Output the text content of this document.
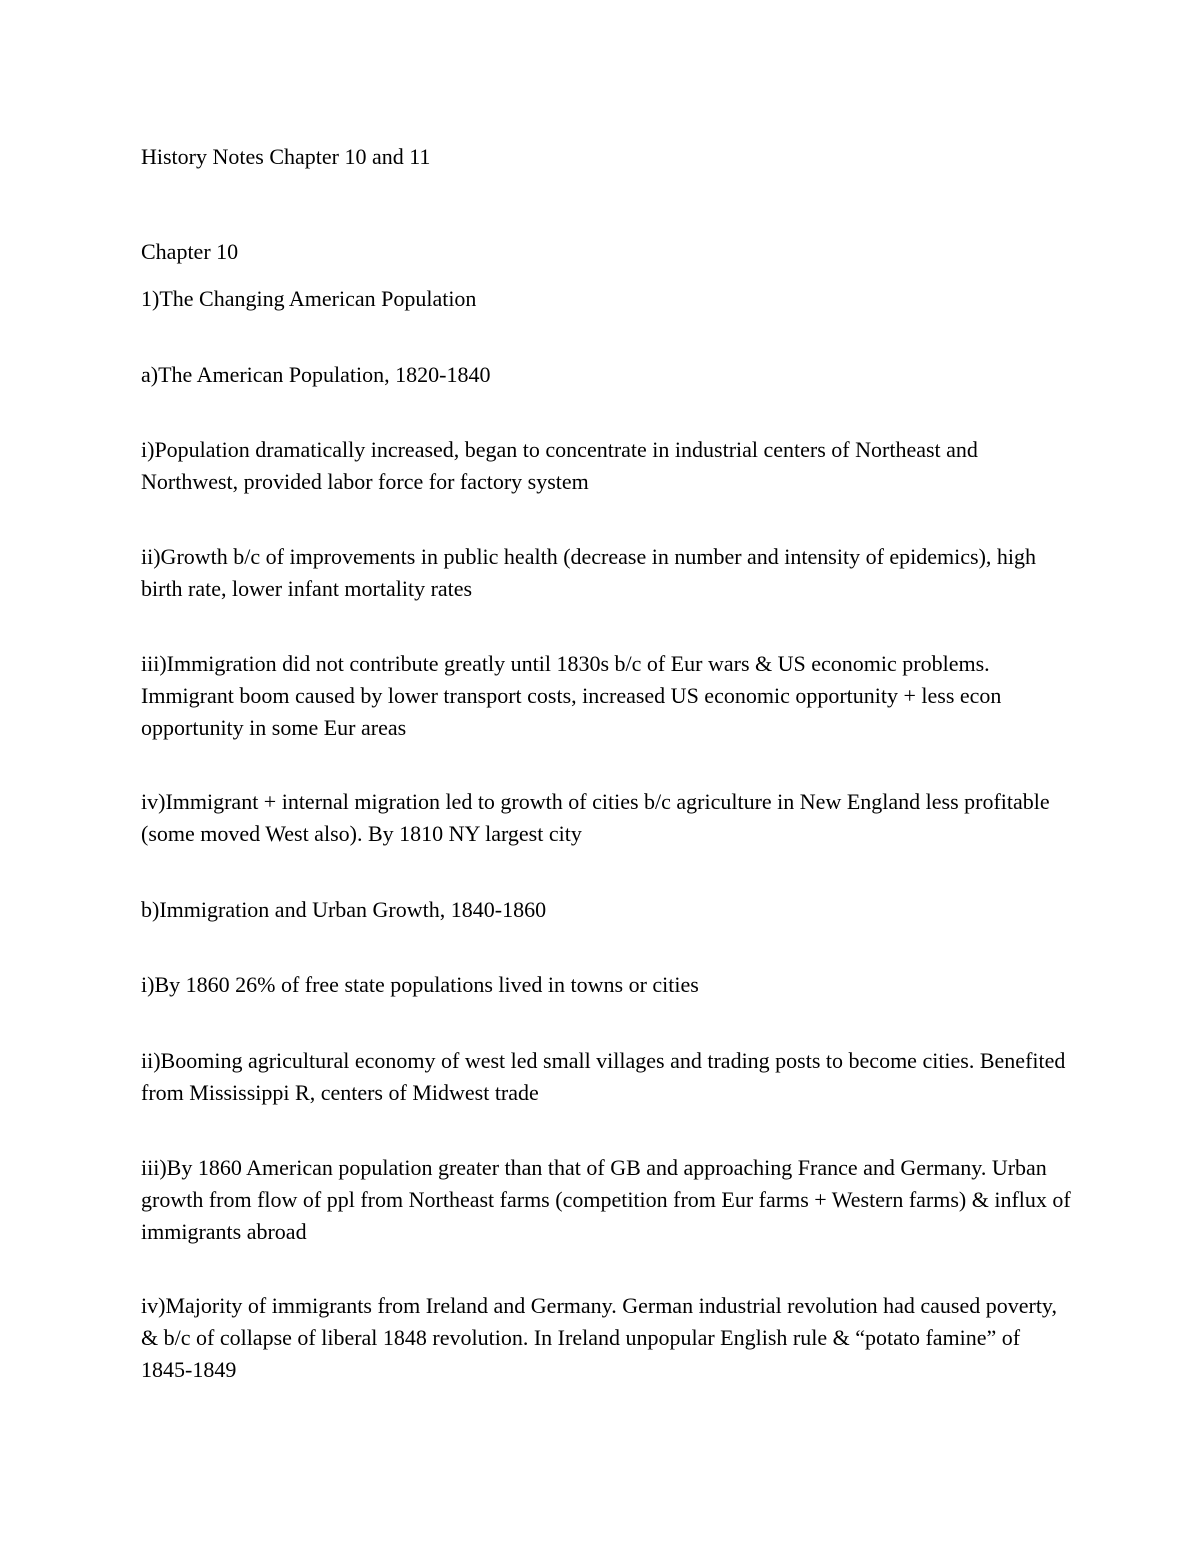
History Notes Chapter 10 and 11

Chapter 10

1)The Changing American Population

a)The American Population, 1820-1840

i)Population dramatically increased, began to concentrate in industrial centers of Northeast and Northwest, provided labor force for factory system

ii)Growth b/c of improvements in public health (decrease in number and intensity of epidemics), high birth rate, lower infant mortality rates

iii)Immigration did not contribute greatly until 1830s b/c of Eur wars & US economic problems. Immigrant boom caused by lower transport costs, increased US economic opportunity + less econ opportunity in some Eur areas

iv)Immigrant + internal migration led to growth of cities b/c agriculture in New England less profitable (some moved West also). By 1810 NY largest city

b)Immigration and Urban Growth, 1840-1860

i)By 1860 26% of free state populations lived in towns or cities

ii)Booming agricultural economy of west led small villages and trading posts to become cities. Benefited from Mississippi R, centers of Midwest trade

iii)By 1860 American population greater than that of GB and approaching France and Germany. Urban growth from flow of ppl from Northeast farms (competition from Eur farms + Western farms) & influx of immigrants abroad

iv)Majority of immigrants from Ireland and Germany. German industrial revolution had caused poverty, & b/c of collapse of liberal 1848 revolution. In Ireland unpopular English rule & “potato famine” of 1845-1849
